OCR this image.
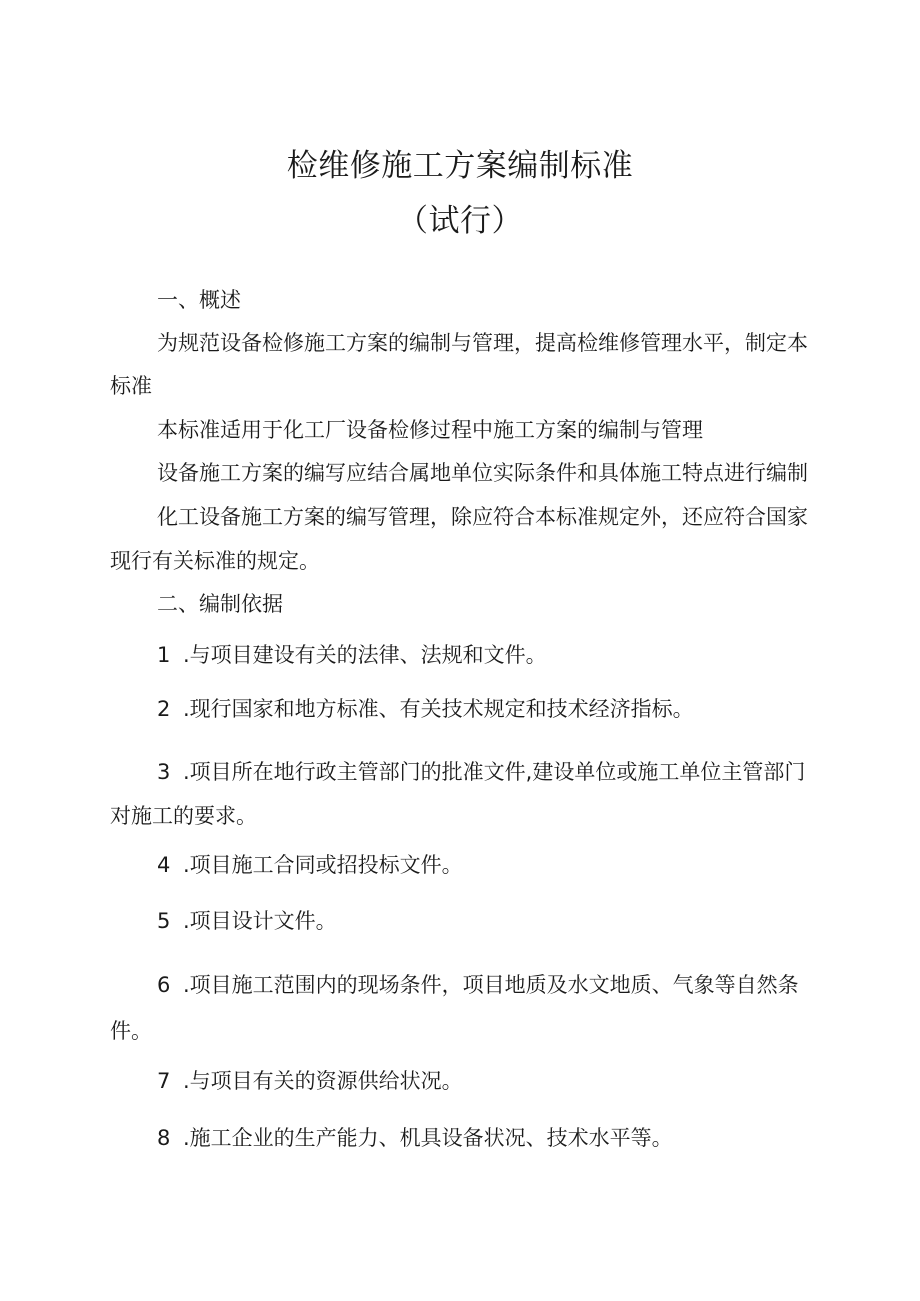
检维修施工方案编制标准
（试行）
一、概述
为规范设备检修施工方案的编制与管理，提高检维修管理水平，制定本
标准
本标准适用于化工厂设备检修过程中施工方案的编制与管理
设备施工方案的编写应结合属地单位实际条件和具体施工特点进行编制
化工设备施工方案的编写管理，除应符合本标准规定外，还应符合国家
现行有关标准的规定。
二、编制依据
1 .与项目建设有关的法律、法规和文件。
2 .现行国家和地方标准、有关技术规定和技术经济指标。
3 .项目所在地行政主管部门的批准文件,建设单位或施工单位主管部门
对施工的要求。
4 .项目施工合同或招投标文件。
5 .项目设计文件。
6 .项目施工范围内的现场条件，项目地质及水文地质、气象等自然条
件。
7 .与项目有关的资源供给状况。
8 .施工企业的生产能力、机具设备状况、技术水平等。
